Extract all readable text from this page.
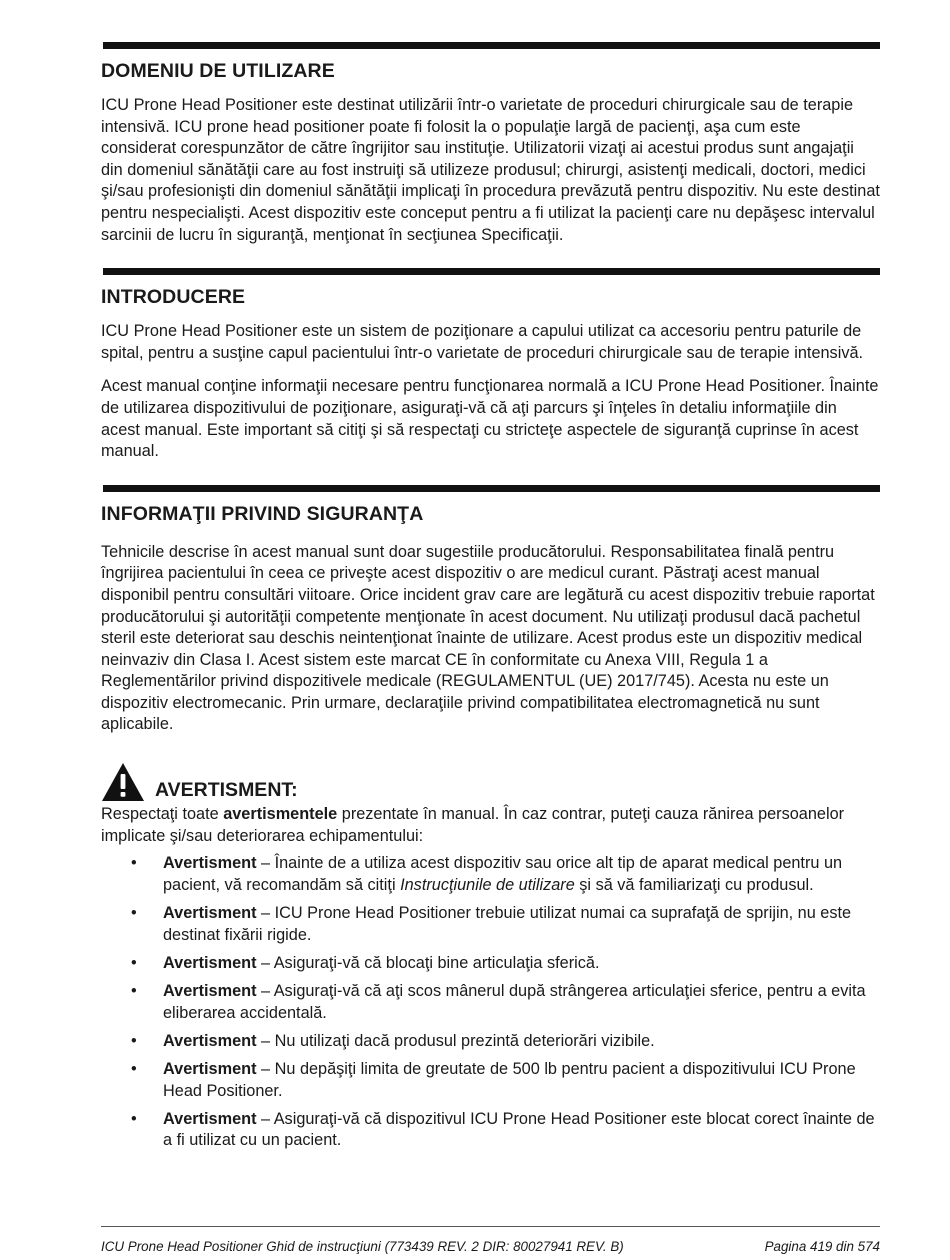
DOMENIU DE UTILIZARE

ICU Prone Head Positioner este destinat utilizării într-o varietate de proceduri chirurgicale sau de terapie intensivă. ICU prone head positioner poate fi folosit la o populaţie largă de pacienţi, aşa cum este considerat corespunzător de către îngrijitor sau instituţie. Utilizatorii vizaţi ai acestui produs sunt angajaţii din domeniul sănătăţii care au fost instruiţi să utilizeze produsul; chirurgi, asistenţi medicali, doctori, medici şi/sau profesionişti din domeniul sănătăţii implicaţi în procedura prevăzută pentru dispozitiv. Nu este destinat pentru nespecialişti. Acest dispozitiv este conceput pentru a fi utilizat la pacienţi care nu depăşesc intervalul sarcinii de lucru în siguranţă, menţionat în secţiunea Specificaţii.

INTRODUCERE

ICU Prone Head Positioner este un sistem de poziţionare a capului utilizat ca accesoriu pentru paturile de spital, pentru a susţine capul pacientului într-o varietate de proceduri chirurgicale sau de terapie intensivă.

Acest manual conţine informaţii necesare pentru funcţionarea normală a ICU Prone Head Positioner. Înainte de utilizarea dispozitivului de poziţionare, asiguraţi-vă că aţi parcurs şi înţeles în detaliu informaţiile din acest manual. Este important să citiţi şi să respectaţi cu stricteţe aspectele de siguranţă cuprinse în acest manual.

INFORMAŢII PRIVIND SIGURANŢA

Tehnicile descrise în acest manual sunt doar sugestiile producătorului. Responsabilitatea finală pentru îngrijirea pacientului în ceea ce priveşte acest dispozitiv o are medicul curant. Păstraţi acest manual disponibil pentru consultări viitoare. Orice incident grav care are legătură cu acest dispozitiv trebuie raportat producătorului şi autorităţii competente menţionate în acest document. Nu utilizaţi produsul dacă pachetul steril este deteriorat sau deschis neintenţionat înainte de utilizare. Acest produs este un dispozitiv medical neinvaziv din Clasa I. Acest sistem este marcat CE în conformitate cu Anexa VIII, Regula 1 a Reglementărilor privind dispozitivele medicale (REGULAMENTUL (UE) 2017/745). Acesta nu este un dispozitiv electromecanic. Prin urmare, declaraţiile privind compatibilitatea electromagnetică nu sunt aplicabile.

AVERTISMENT:

Respectaţi toate avertismentele prezentate în manual. În caz contrar, puteţi cauza rănirea persoanelor implicate şi/sau deteriorarea echipamentului:

• Avertisment – Înainte de a utiliza acest dispozitiv sau orice alt tip de aparat medical pentru un pacient, vă recomandăm să citiţi Instrucţiunile de utilizare şi să vă familiarizaţi cu produsul.
• Avertisment – ICU Prone Head Positioner trebuie utilizat numai ca suprafaţă de sprijin, nu este destinat fixării rigide.
• Avertisment – Asiguraţi-vă că blocaţi bine articulaţia sferică.
• Avertisment – Asiguraţi-vă că aţi scos mânerul după strângerea articulaţiei sferice, pentru a evita eliberarea accidentală.
• Avertisment – Nu utilizaţi dacă produsul prezintă deteriorări vizibile.
• Avertisment – Nu depăşiţi limita de greutate de 500 lb pentru pacient a dispozitivului ICU Prone Head Positioner.
• Avertisment – Asiguraţi-vă că dispozitivul ICU Prone Head Positioner este blocat corect înainte de a fi utilizat cu un pacient.
ICU Prone Head Positioner Ghid de instrucţiuni (773439 REV. 2 DIR: 80027941 REV. B)	Pagina 419 din 574
